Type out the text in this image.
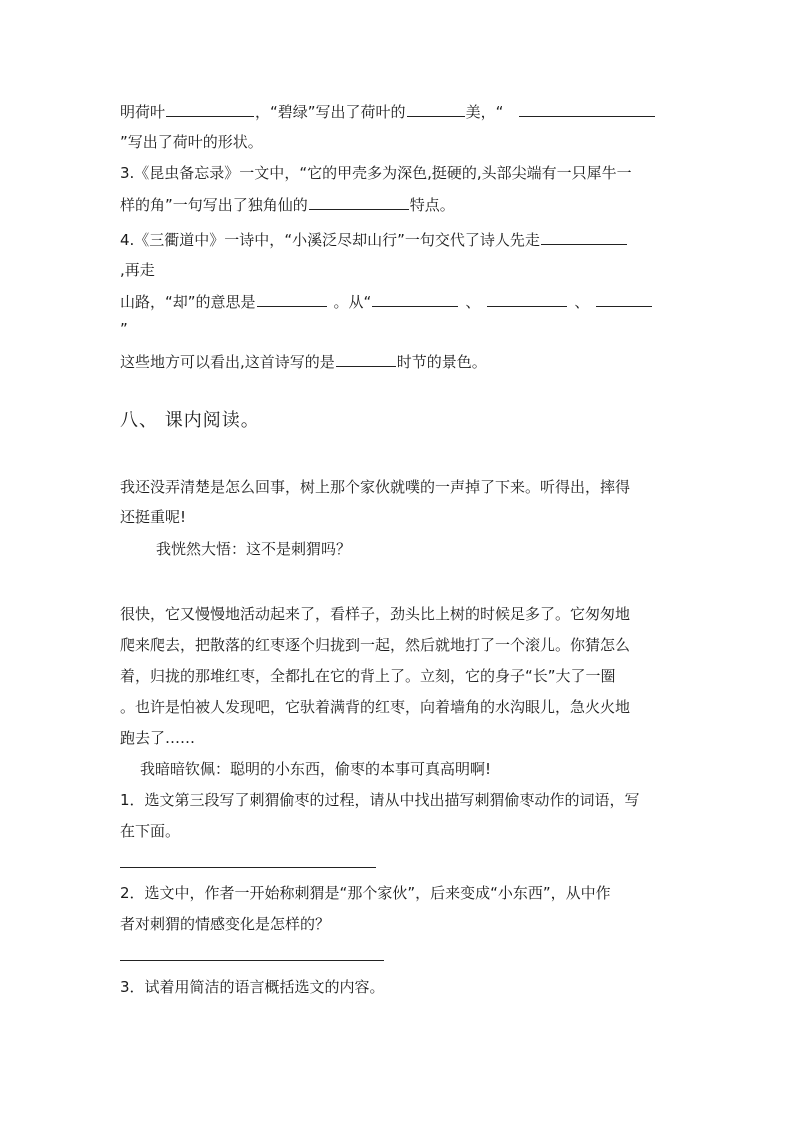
明荷叶	，“碧绿”写出了荷叶的	美，“
”写出了荷叶的形状。
3.《昆虫备忘录》一文中，“它的甲壳多为深色,挺硬的,头部尖端有一只犀牛一
样的角”一句写出了独角仙的	特点。
4.《三衢道中》一诗中，“小溪泛尽却山行”一句交代了诗人先走
,再走
山路，“却”的意思是	。从“	、	、
”
这些地方可以看出,这首诗写的是	时节的景色。
八、 课内阅读。
我还没弄清楚是怎么回事，树上那个家伙就噗的一声掉了下来。听得出，摔得
还挺重呢!
我恍然大悟：这不是刺猬吗？
很快，它又慢慢地活动起来了，看样子，劲头比上树的时候足多了。它匆匆地
爬来爬去，把散落的红枣逐个归拢到一起，然后就地打了一个滚儿。你猜怎么
着，归拢的那堆红枣，全都扎在它的背上了。立刻，它的身子“长”大了一圈
。也许是怕被人发现吧，它驮着满背的红枣，向着墙角的水沟眼儿，急火火地
跑去了……
我暗暗钦佩：聪明的小东西，偷枣的本事可真高明啊!
1．选文第三段写了刺猬偷枣的过程，请从中找出描写刺猬偷枣动作的词语，写
在下面。
2．选文中，作者一开始称刺猬是“那个家伙”，后来变成“小东西”，从中作
者对刺猬的情感变化是怎样的？
3．试着用简洁的语言概括选文的内容。
